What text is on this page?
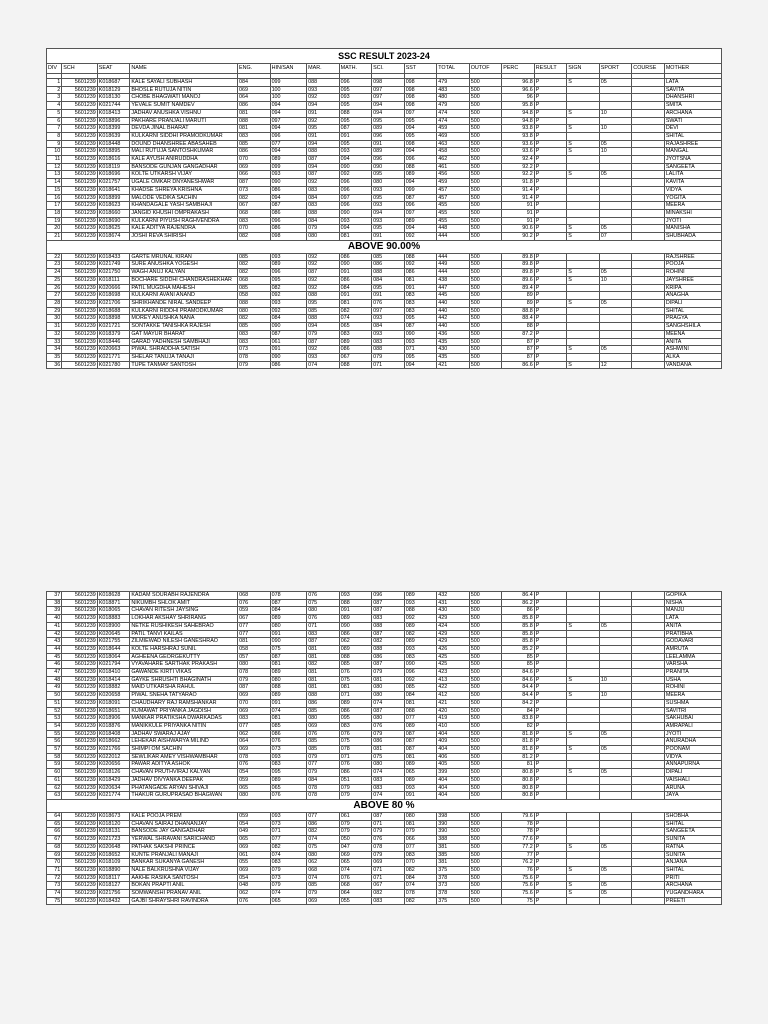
SSC RESULT 2023-24																	
DIV	SCH	SEAT	NAME	ENG.	HIN/SAN	MAR.	MATH.	SCI.	SST	TOTAL	OUTOF	PERC	RESULT	SIGN	SPORT	COURSE	MOTHER

1	5601239	K018687	KALE SAYALI SUBHASH	084	099	088	096	098	098	479	500	96.8	P	S	05		LATA
2	5601239	K018129	BHOSLE RUTUJA NITIN	069	100	093	095	097	098	483	500	96.6	P				SAVITA
3	5601239	K018130	CHOBE BHAGWATI MANOJ	064	100	092	093	097	098	480	500	96	P				DHANSHRI
4	5601239	K021744	YEVALE SUMIT NAMDEV	086	094	094	095	094	098	479	500	95.8	P				SMITA
5	5601239	K018413	JADHAV ANUSHKA VISHNU	081	094	091	088	094	097	474	500	94.8	P	S	10		ARCHANA
6	5601239	K018896	PAKHARE PRANJALI MARUTI	088	097	092	095	095	095	474	500	94.8	P				SWATI
7	5601239	K018399	DEVDA JINAL BHARAT	081	094	095	087	089	094	459	500	93.8	P	S	10		DEVI
8	5601239	K018639	KULKARNI SIDDHI PRAMODKUMAR	083	096	091	091	096	095	469	500	93.8	P				SHITAL
9	5601239	K018448	DOUND DHANSHREE ABASAHEB	085	077	094	095	091	098	463	500	93.6	P	S	05		RAJASHREE
10	5601239	K018895	MALI RUTUJA SANTOSHKUMAR	086	094	088	093	089	094	458	500	93.6	P	S	10		MANGAL
11	5601239	K018616	KALE AYUSH ANIRUDDHA	070	089	087	094	096	096	462	500	92.4	P				JYOTSNA
12	5601239	K018119	BANSODE GUNJAN GANGADHAR	069	099	094	090	090	088	461	500	92.2	P				SANGEETA
13	5601239	K018696	KOLTE UTKARSH VIJAY	066	093	087	092	095	089	456	500	92.2	P	S	05		LALITA
14	5601239	K021757	UGALE OMKAR DNYANESHWAR	087	090	092	096	080	094	459	500	91.8	P				KAVITA
15	5601239	K018641	KHADSE SHREYA KRISHNA	073	086	083	096	093	099	457	500	91.4	P				VIDYA
16	5601239	K018899	MALODE VEDIKA SACHIN	082	094	084	097	095	087	457	500	91.4	P				YOGITA
17	5601239	K018623	KHANDAGALE YASH SAMBHAJI	067	087	083	096	093	096	455	500	91	P				MEERA
18	5601239	K018660	JANGID KHUSHI OMPRAKASH	068	086	088	090	094	097	455	500	91	P				MINAKSHI
19	5601239	K018690	KULKARNI PIYUSH RAGHVENDRA	083	096	084	093	093	089	455	500	91	P				JYOTI
20	5601239	K018625	KALE ADITYA RAJENDRA	070	086	079	094	095	094	448	500	90.6	P	S	05		MANISHA
21	5601239	K018674	JOSHI REVA SHIRISH	082	098	080	081	091	092	444	500	90.2	P	S	07		SHUBHADA
ABOVE 90.00%																	
22	5601239	K018433	GARTE MRUNAL KIRAN	085	093	092	086	085	088	444	500	89.8	P				RAJSHREE
23	5601239	K021749	SURE ANUSHKA YOGESH	082	089	092	090	086	092	449	500	89.8	P				POOJA
24	5601239	K021750	WAGH ANUJ KALYAN	082	096	087	091	088	086	444	500	89.8	P	S	05		ROHINI
25	5601239	K018111	BOCHARE SIDDHI CHANDRASHEKHAR	068	095	092	086	084	081	438	500	89.6	P	S	10		JAYSHREE
26	5601239	K020666	PATIL MUGDHA MAHESH	085	082	092	084	095	091	447	500	89.4	P				KRIPA
27	5601239	K018698	KULKARNI AVANI ANAND	058	092	088	091	091	083	445	500	89	P				ANAGHA
28	5601239	K021706	SHRIKHANDE NIRAL SANDEEP	088	093	095	081	076	083	440	500	89	P	S	05		DIPALI
29	5601239	K018688	KULKARNI RIDDHI PRAMODKUMAR	080	092	085	082	097	083	440	500	88.8	P				SHITAL
30	5601239	K018898	MOREY ANUSHKA NANA	082	084	088	074	093	095	442	500	88.4	P				PRAGYA
31	5601239	K021721	SONTAKKE TANISHKA RAJESH	085	090	094	065	084	087	440	500	88	P				SANGHSHILA
32	5601239	K018379	GAT MAYUR BHARAT	083	087	079	083	093	090	436	500	87.2	P				MEENA
33	5601239	K018446	GARAD YADHNESH SAMBHAJI	083	061	087	089	083	093	435	500	87	P				ANITA
34	5601239	K020663	PIWAL SHRADDHA SATISH	073	091	092	086	088	071	430	500	87	P	S	05		ASHWINI
35	5601239	K021771	SHELAR TANUJA TANAJI	078	090	093	067	079	095	435	500	87	P				ALKA
36	5601239	K021780	TUPE TANMAY SANTOSH	079	086	074	088	071	094	421	500	86.6	P	S	12		VANDANA
37	5601239	K018628	KADAM SOURABH RAJENDRA	068	078	076	093	096	089	432	500	86.4	P				GOPIKA
38	5601239	K018871	NIKUMBH SHLOK AMIT	076	087	075	088	087	093	431	500	86.2	P				NISHA
39	5601239	K018065	CHAVAN RITESH JAYSING	059	084	080	091	087	088	430	500	86	P				MANJU
40	5601239	K018883	LOKHAR AKSHAY SHRIRANG	067	089	076	089	083	092	429	500	85.8	P				LATA
41	5601239	K018900	NETKE RUSHIKESH SAHEBRAO	077	080	071	090	088	089	424	500	85.8	P	S	05		ANITA
42	5601239	K020645	PATIL TANVI KAILAS	077	091	083	086	087	082	429	500	85.8	P				PRATIBHA
43	5601239	K021755	ZILMIEWAD NILESH GANESHRAO	081	090	087	062	082	089	429	500	85.8	P				GODAVARI
44	5601239	K018644	KOLTE HARSHRAJ SUNIL	058	075	081	089	088	093	426	500	85.2	P				AMRUTA
45	5601239	K018064	AGHEENA GEORGEKUTTY	057	087	081	088	086	083	425	500	85	P				LEELAMMA
46	5601239	K021794	VYAVAHARE SARTHAK PRAKASH	080	081	082	085	087	090	425	500	85	P				VARSHA
47	5601239	K018410	GAWANDE KIRTI VIKAS	078	089	081	076	079	096	423	500	84.6	P				PRANITA
48	5601239	K018414	GAYKE SHRUSHTI BHAGINATH	079	080	081	075	081	092	413	500	84.6	P	S	10		USHA
49	5601239	K018882	MAID UTKARSHA RAHUL	087	088	081	081	080	085	422	500	84.4	P				ROHINI
50	5601239	K020658	PIWAL SNEHA TATYARAO	069	089	088	071	080	084	412	500	84.4	P	S	10		MEERA
51	5601239	K018091	CHAUDHARY RAJ RAMSHANKAR	070	091	086	089	074	081	421	500	84.2	P				SUSHMA
52	5601239	K018651	KUMAWAT PRIYANKA JAGDISH	069	074	085	086	087	088	420	500	84	P				SAVITRI
53	5601239	K018906	MANKAR PRATIKSHA DWARKADAS	083	081	080	095	080	077	419	500	83.8	P				SAKHUBAI
54	5601239	K018876	MANIKKULE PRIYANKA NITIN	077	085	069	083	076	089	410	500	82	P				AMRAPALI
55	5601239	K018408	JADHAV SWARAJ AJAY	062	086	076	076	079	087	404	500	81.8	P	S	05		JYOTI
56	5601239	K018662	LEHEKAR AISHWARYA MILIND	064	076	085	075	086	087	409	500	81.8	P				ANURADHA
57	5601239	K021766	SHIMPI OM SACHIN	069	073	085	078	081	087	404	500	81.8	P	S	05		POONAM
58	5601239	K022012	SEWLIKAR AMEY VISHWAMBHAR	078	093	079	071	075	081	406	500	81.2	P				VIDYA
59	5601239	K020656	PAWAR ADITYA ASHOK	076	083	077	076	080	089	405	500	81	P				ANNAPURNA
60	5601239	K018126	CHAVAN PRUTHVIRAJ KALYAN	054	095	079	086	074	065	399	500	80.8	P	S	05		DIPALI
61	5601239	K018429	JADHAV DIVYANKA DEEPAK	059	089	084	051	083	089	404	500	80.8	P				VAISHALI
62	5601239	K020634	PHATANGADE ARYAN SHIVAJI	065	065	078	079	083	093	404	500	80.8	P				ARUNA
63	5601239	K021774	THAKUR GURUPRASAD BHAGWAN	080	076	078	079	074	091	404	500	80.8	P				JAYA
ABOVE 80 %																	
64	5601239	K018673	KALE POOJA PREM	059	093	077	061	087	080	398	500	79.6	P				SHOBHA
65	5601239	K018120	CHAVAN SAIRAJ DHANANJAY	054	073	086	079	071	081	390	500	78	P				SHITAL
66	5601239	K018131	BANSODE JAY GANGADHAR	049	071	082	079	079	079	390	500	78	P				SANGEETA
67	5601239	K021723	YERWAL SHRAVANI SARICHAND	065	077	074	050	076	066	388	500	77.6	P				SUNITA
68	5601239	K020648	PATHAK SAKSHI PRINCE	069	082	075	047	078	077	381	500	77.2	P	S	05		RATNA
69	5601239	K018652	KUNTE PRANJALI MANAJI	061	074	080	069	079	083	385	500	77	P				SUNITA
70	5601239	K018109	BANKAR SUKANYA GANESH	055	083	062	065	069	070	381	500	76.2	P				ANJANA
71	5601239	K018890	NALE BALKRUSHNA VIJAY	069	079	068	074	071	082	375	500	76	P	S	05		SHITAL
72	5601239	K018117	AAKHE RASIKA SANTOSH	054	073	074	076	071	084	378	500	75.6	P				PRITI
73	5601239	K018127	BOKAN PRAPTI ANIL	048	079	085	068	067	074	373	500	75.6	P	S	05		ARCHANA
74	5601239	K021756	SOMWANSHI PRANAV ANIL	062	074	079	064	082	078	378	500	75.6	P	S	05		YUGANDHARA
75	5601239	K018432	GAJBI SHRAYSHRI RAVINDRA	076	065	069	055	083	082	375	500	75	P				PREETI
